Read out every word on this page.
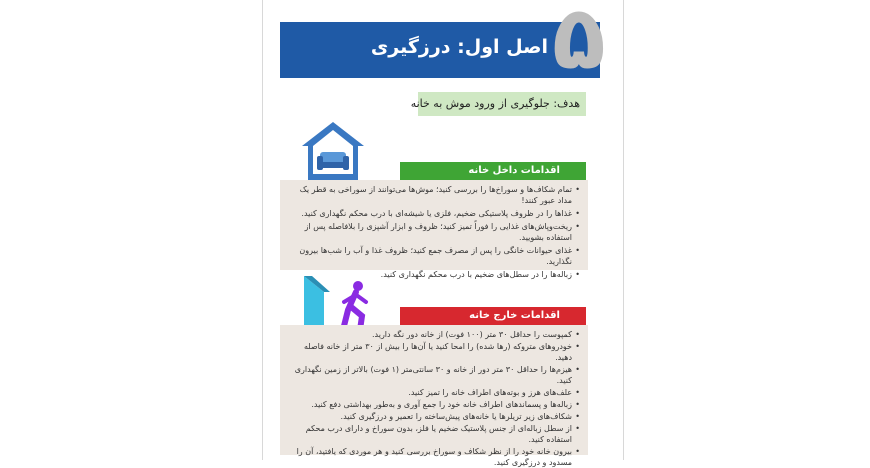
اصل اول: درزگیری ۵
هدف: جلوگیری از ورود موش به خانه
اقدامات داخل خانه
• تمام شکاف‌ها و سوراخ‌ها را بررسی کنید؛ موش‌ها می‌توانند از سوراخی به قطر یک مداد عبور کنند!
• غذاها را در ظروف پلاستیکی ضخیم، فلزی یا شیشه‌ای با درب محکم نگهداری کنید.
• ریخت‌وپاش‌های غذایی را فوراً تمیز کنید؛ ظروف و ابزار آشپزی را بلافاصله پس از استفاده بشویید.
• غذای حیوانات خانگی را پس از مصرف جمع کنید؛ ظروف غذا و آب را شب‌ها بیرون نگذارید.
• زباله‌ها را در سطل‌های ضخیم با درب محکم نگهداری کنید.
اقدامات خارج خانه
• کمپوست را حداقل ۳۰ متر (۱۰۰ فوت) از خانه دور نگه دارید.
• خودروهای متروکه (رها شده) را امحا کنید یا آن‌ها را بیش از ۳۰ متر از خانه فاصله دهید.
• هیزم‌ها را حداقل ۳۰ متر دور از خانه و ۳۰ سانتی‌متر (۱ فوت) بالاتر از زمین نگهداری کنید.
• علف‌های هرز و بوته‌های اطراف خانه را تمیز کنید.
• زباله‌ها و پسماندهای اطراف خانه خود را جمع آوری و به‌طور بهداشتی دفع کنید.
• شکاف‌های زیر تریلرها یا خانه‌های پیش‌ساخته را تعمیر و درزگیری کنید.
• از سطل زباله‌ای از جنس پلاستیک ضخیم یا فلز، بدون سوراخ و دارای درب محکم استفاده کنید.
• بیرون خانه خود را از نظر شکاف و سوراخ بررسی کنید و هر موردی که یافتید، آن را مسدود و درزگیری کنید.
